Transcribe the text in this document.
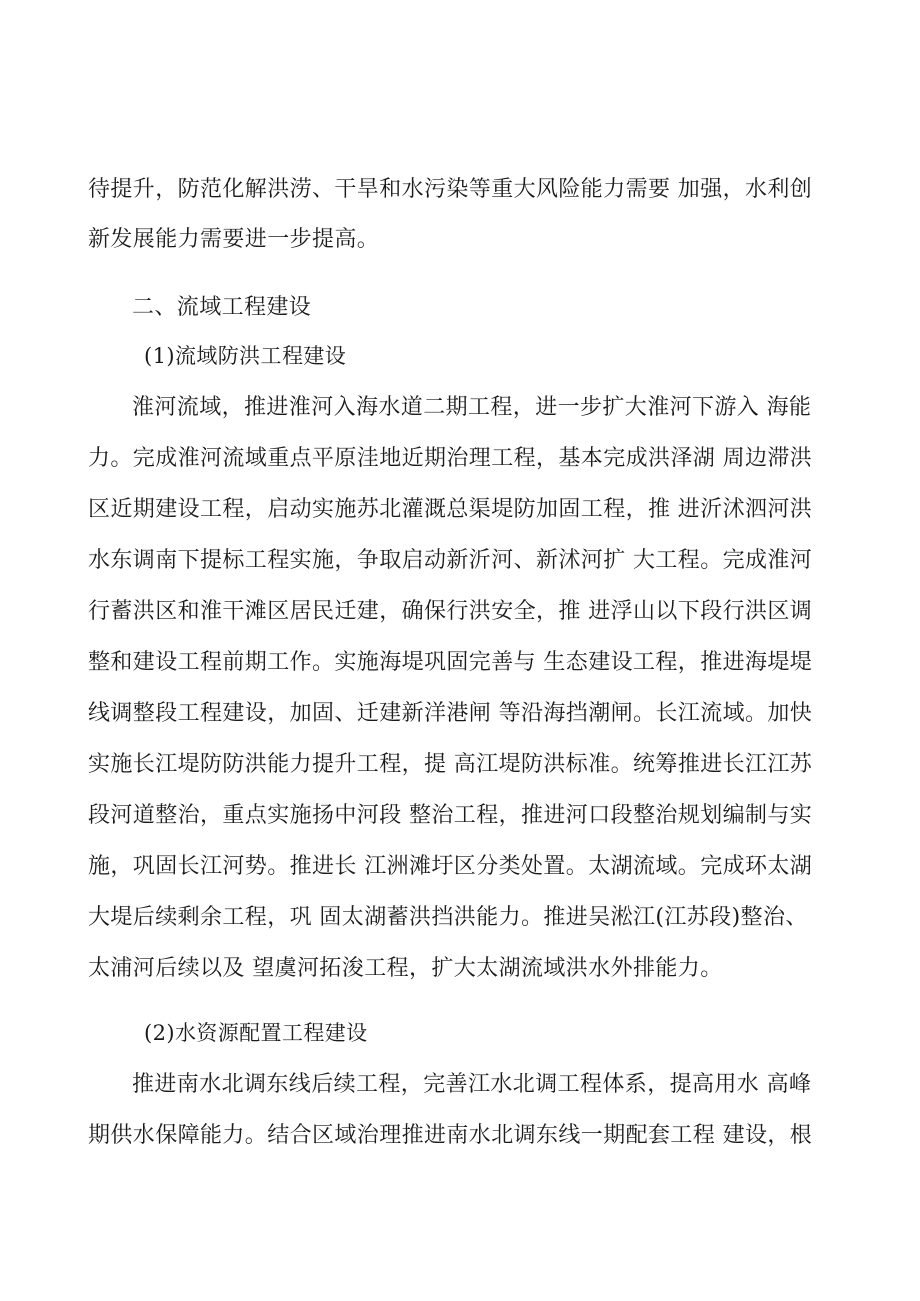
待提升，防范化解洪涝、干旱和水污染等重大风险能力需要 加强，水利创
新发展能力需要进一步提高。
二、流域工程建设
(1)流域防洪工程建设
淮河流域，推进淮河入海水道二期工程，进一步扩大淮河下游入 海能
力。完成淮河流域重点平原洼地近期治理工程，基本完成洪泽湖 周边滞洪
区近期建设工程，启动实施苏北灌溉总渠堤防加固工程，推 进沂沭泗河洪
水东调南下提标工程实施，争取启动新沂河、新沭河扩 大工程。完成淮河
行蓄洪区和淮干滩区居民迁建，确保行洪安全，推 进浮山以下段行洪区调
整和建设工程前期工作。实施海堤巩固完善与 生态建设工程，推进海堤堤
线调整段工程建设，加固、迁建新洋港闸 等沿海挡潮闸。长江流域。加快
实施长江堤防防洪能力提升工程，提 高江堤防洪标准。统筹推进长江江苏
段河道整治，重点实施扬中河段 整治工程，推进河口段整治规划编制与实
施，巩固长江河势。推进长 江洲滩圩区分类处置。太湖流域。完成环太湖
大堤后续剩余工程，巩 固太湖蓄洪挡洪能力。推进吴淞江(江苏段)整治、
太浦河后续以及 望虞河拓浚工程，扩大太湖流域洪水外排能力。
(2)水资源配置工程建设
推进南水北调东线后续工程，完善江水北调工程体系，提高用水 高峰
期供水保障能力。结合区域治理推进南水北调东线一期配套工程 建设，根
